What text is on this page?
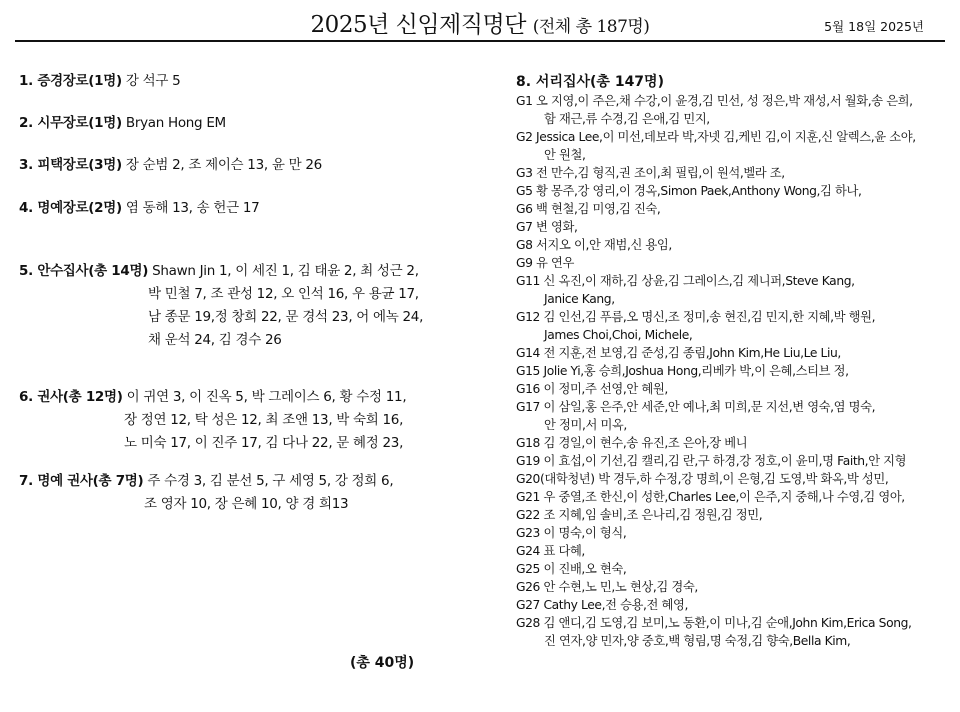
2025년 신임제직명단 (전체 총 187명)	5월 18일 2025년
1. 증경장로(1명) 강 석구 5
2. 시무장로(1명) Bryan Hong EM
3. 피택장로(3명) 장 순범 2, 조 제이슨 13, 윤 만 26
4. 명예장로(2명) 염 동해 13, 송 헌근 17
5. 안수집사(총 14명) Shawn Jin 1, 이 세진 1, 김 태윤 2, 최 성근 2,
박 민철 7, 조 관성 12, 오 인석 16, 우 용균 17,
남 종문 19,정 창희 22, 문 경석 23, 어 에녹 24,
채 운석 24, 김 경수 26
6. 권사(총 12명) 이 귀연 3, 이 진옥 5, 박 그레이스 6, 황 수정 11,
장 정연 12, 탁 성은 12, 최 조앤 13, 박 숙희 16,
노 미숙 17, 이 진주 17, 김 다나 22, 문 혜정 23,
7. 명예 권사(총 7명) 주 수경 3, 김 분선 5, 구 세영 5, 강 정희 6,
조 영자 10, 장 은혜 10, 양 경 희13
(총 40명)
8. 서리집사(총 147명)
G1 오 지영,이 주은,채 수강,이 윤경,김 민선, 성 정은,박 재성,서 월화,송 은희,
함 재근,류 수경,김 은애,김 민지,
G2 Jessica Lee,이 미선,데보라 박,자넷 김,케빈 김,이 지훈,신 알렉스,윤 소야,
안 원철,
G3 전 만수,김 형직,권 조이,최 필립,이 원석,벨라 조,
G5 황 몽주,강 영리,이 경옥,Simon Paek,Anthony Wong,김 하나,
G6 백 현철,김 미영,김 진숙,
G7 변 영화,
G8 서지오 이,안 재범,신 용임,
G9 유 연우
G11 신 옥진,이 재하,김 상윤,김 그레이스,김 제니퍼,Steve Kang,
Janice Kang,
G12 김 인선,김 푸름,오 명신,조 정미,송 현진,김 민지,한 지혜,박 행원,
James Choi,Choi, Michele,
G14 전 지훈,전 보영,김 준성,김 종림,John Kim,He Liu,Le Liu,
G15 Jolie Yi,홍 승희,Joshua Hong,리베카 박,이 은혜,스티브 정,
G16 이 정미,주 선영,안 혜원,
G17 이 삼일,홍 은주,안 세준,안 예나,최 미희,문 지선,변 영숙,염 명숙,
안 정미,서 미옥,
G18 김 경일,이 현수,송 유진,조 은아,장 베니
G19 이 효섭,이 기선,김 캘리,김 란,구 하경,강 정호,이 윤미,명 Faith,안 지형
G20(대학청년) 박 경두,하 수정,강 명희,이 은형,김 도영,박 화옥,박 성민,
G21 우 중열,조 한신,이 성한,Charles Lee,이 은주,지 중해,나 수영,김 영아,
G22 조 지혜,임 솔비,조 은나리,김 정원,김 정민,
G23 이 명숙,이 형식,
G24 표 다혜,
G25 이 진배,오 현숙,
G26 안 수현,노 민,노 현상,김 경숙,
G27 Cathy Lee,전 승용,전 혜영,
G28 김 앤디,김 도영,김 보미,노 동환,이 미나,김 순애,John Kim,Erica Song,
진 연자,양 민자,양 중호,백 형림,명 숙정,김 향숙,Bella Kim,
